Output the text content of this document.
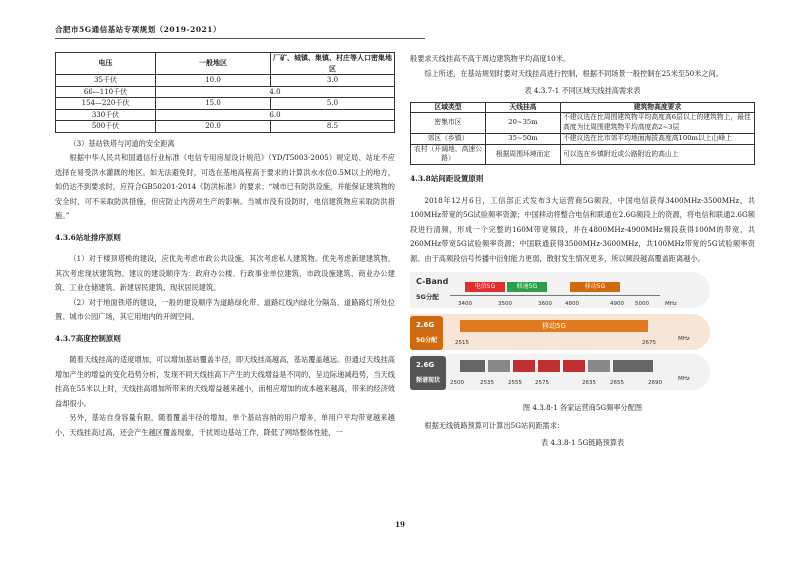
合肥市5G通信基站专项规划（2019-2021）
电压	一般地区	厂矿、城镇、集镇、村庄等人口密集地区
35千伏	10.0	3.0
66—110千伏	4.0	
154—220千伏	15.0	5.0
330千伏	6.0	
500千伏	20.0	8.5

（3）基站铁塔与河道的安全距离

根据中华人民共和国通信行业标准《电信专用房屋设计规范》（YD/T5003-2005）规定局、站址不应选择在易受洪水灌溉的地区。如无法避免时，可选在基地高程高于要求的计算洪水水位0.5M以上的地方，如仍达不到要求时，应符合GB50201-2014《防洪标准》的要求；“城市已有防洪设施，并能保证建筑物的安全时，可不采取防洪措施，但应防止内涝对生产的影响。当城市没有设防时，电信建筑物应采取防洪措施。”

4.3.6站址排序原则

（1）对于楼顶塔桅的建设，应优先考虑市政公共设施，其次考虑私人建筑物。优先考虑新建建筑物，其次考虑现状建筑物。建议的建设顺序为：政府办公楼、行政事业单位建筑、市政设施建筑、商业办公建筑、工业仓储建筑、新建居民建筑、现状居民建筑。

（2）对于地面铁塔的建设，一般的建设顺序为道路绿化带、道路红线内绿化分隔岛、道路路灯所处位置、城市公园广场，其它用地内的开阔空间。

4.3.7高度控制原则

随着天线挂高的适度增加，可以增加基站覆盖半径，即天线挂高越高，基站覆盖越远。但通过天线挂高增加产生的增益的变化趋势分析，发现不同天线挂高下产生的天线增益是不同的，呈边际递减趋势，当天线挂高在55米以上时，天线挂高增加所带来的天线增益越来越小，而相应增加的成本越来越高，带来的经济效益却很小。

另外，基站自身容量有限，随着覆盖半径的增加，单个基站容纳的用户增多，单用户平均带宽越来越小，天线挂高过高，还会产生越区覆盖现象，干扰周边基站工作，降低了网络整体性能，一

般要求天线挂高不高于周边建筑物平均高度10米。

综上所述，在基站规划时要对天线挂高进行控制，根据不同场景一般控制在25米至50米之间。

表 4.3.7-1 不同区域天线挂高需求表
区域类型	天线挂高	建筑物高度要求
密集市区	20~35m	不建议选在比周围建筑物平均高度高6层以上的建筑物上，最佳高度为比周围建筑物平均高度高2~3层
郊区（乡镇）	35~50m	不建议选在比市郊平均地面海拔高度高100m以上山峰上
农村（开阔地、高速公路）	根据周围环境而定	可以选在乡镇附近或公路附近的高山上
4.3.8站间距设置原则

2018年12月6日，工信部正式发布3大运营商5G频段，中国电信获得3400MHz-3500MHz，共100MHz带宽的5G试验频率资源；中国移动将整合电信和联通在2.6G频段上的资源，将电信和联通2.6G频段进行清频，形成一个完整的160M带宽频段，并在4800MHz-4900MHz频段获得100M的带宽，共260MHz带宽5G试验频率资源；中国联通获得3500MHz-3600MHz，共100MHz带宽的5G试验频率资源。由于高频段信号传播中衍射能力更弱，散射发生情况更多，所以频段越高覆盖距离越小。

C-Band
5G分配
电信5G	联通5G	移动5G
3400	3500	3600 4800	4900 5000	MHz
2.6G
5G分配
移动5G
2515	2675
MHz
2.6G
频谱现状	2500	2535	2555 2575	2635	2655	2690
MHz
图 4.3.8-1 各家运营商5G频率分配图

根据无线链路预算可计算出5G站间距需求：

表 4.3.8-1 5G链路预算表
19
